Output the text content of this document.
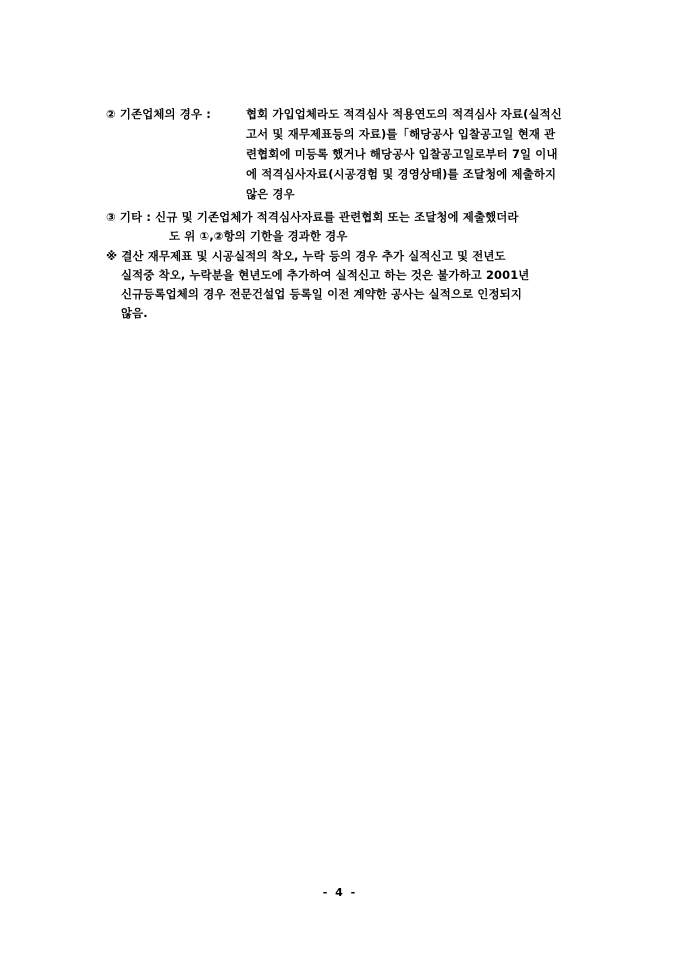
② 기존업체의 경우 :	협회 가입업체라도 적격심사 적용연도의 적격심사 자료(실적신
고서 및 재무제표등의 자료)를「해당공사 입찰공고일 현재 관
련협회에 미등록 했거나 해당공사 입찰공고일로부터 7일 이내
에 적격심사자료(시공경험 및 경영상태)를 조달청에 제출하지
않은 경우
③ 기타 : 신규 및 기존업체가 적격심사자료를 관련협회 또는 조달청에 제출했더라
도 위 ①,②항의 기한을 경과한 경우
※ 결산 재무제표 및 시공실적의 착오, 누락 등의 경우 추가 실적신고 및 전년도
실적중 착오, 누락분을 현년도에 추가하여 실적신고 하는 것은 불가하고 2001년
신규등록업체의 경우 전문건설업 등록일 이전 계약한 공사는 실적으로 인정되지
않음.
- 4 -
